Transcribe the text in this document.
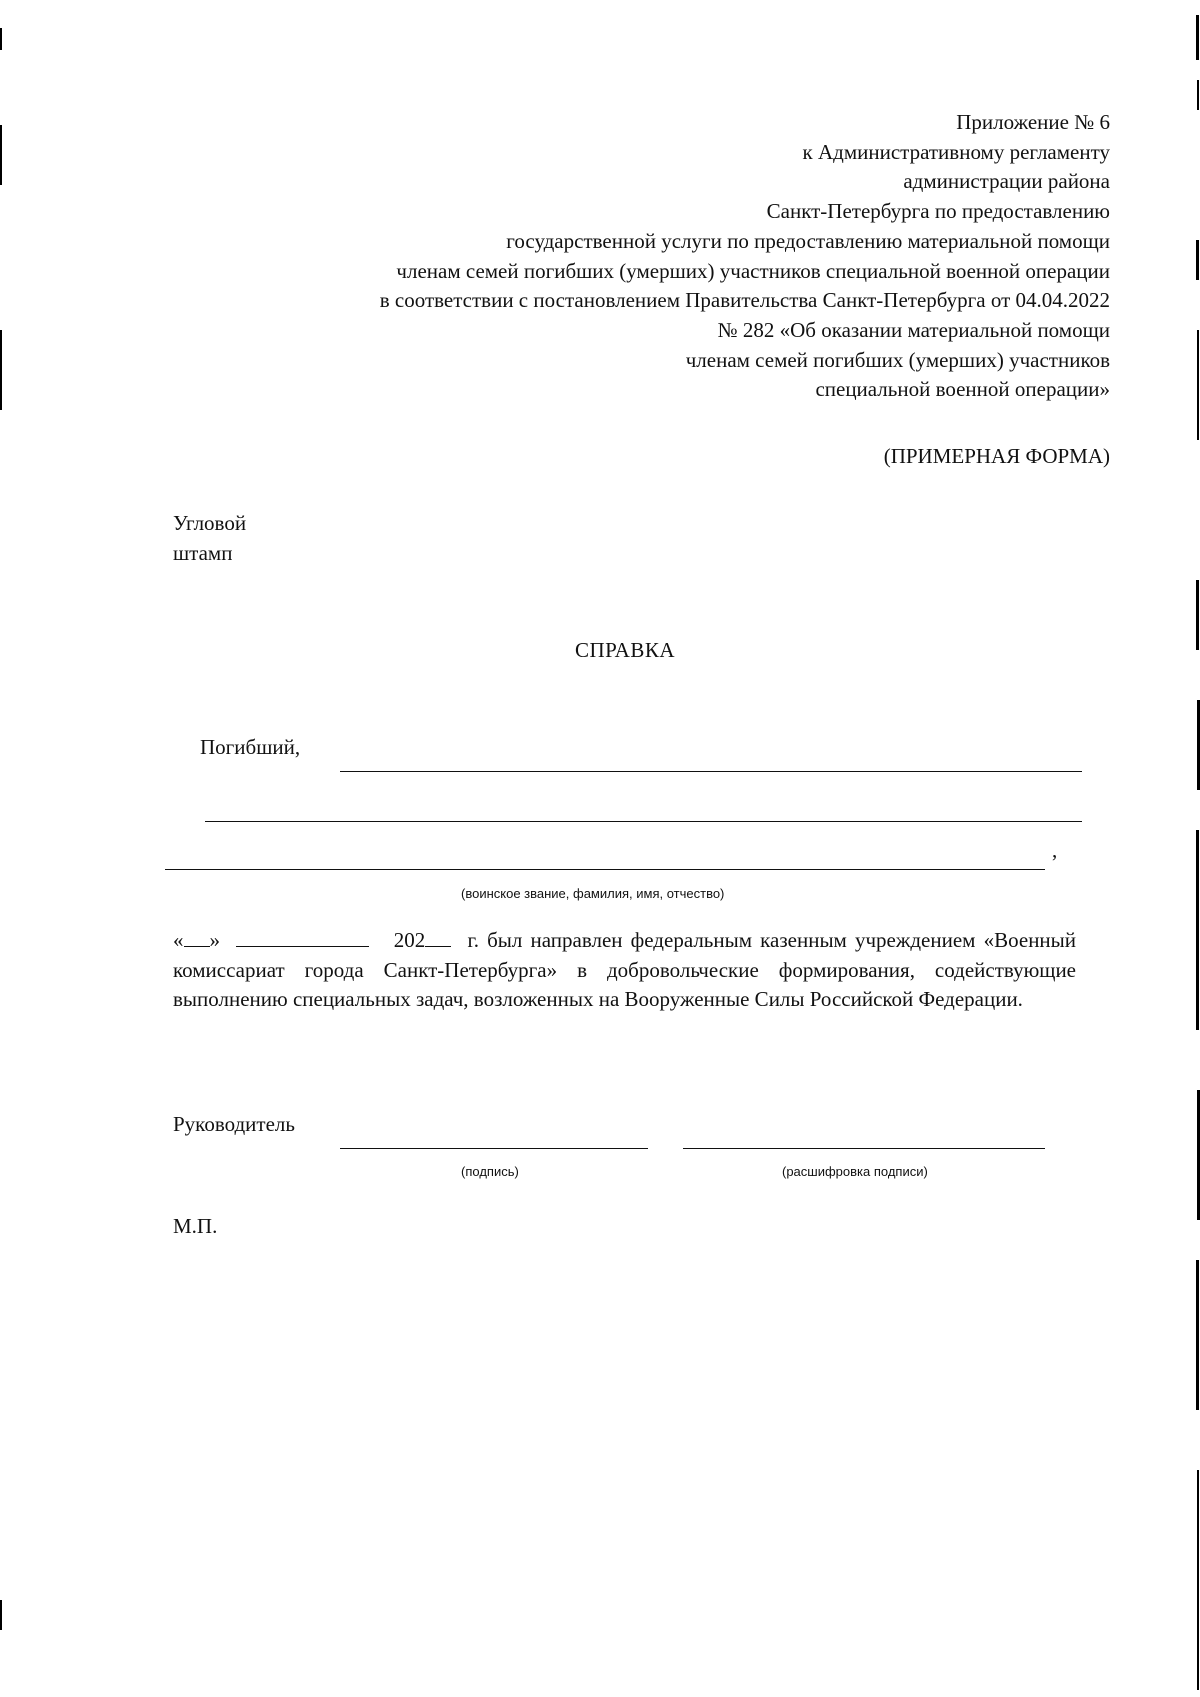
Приложение № 6
к Административному регламенту
администрации района
Санкт-Петербурга по предоставлению
государственной услуги по предоставлению материальной помощи
членам семей погибших (умерших) участников специальной военной операции
в соответствии с постановлением Правительства Санкт-Петербурга от 04.04.2022
№ 282 «Об оказании материальной помощи
членам семей погибших (умерших) участников
специальной военной операции»
(ПРИМЕРНАЯ ФОРМА)
Угловой
штамп
СПРАВКА
Погибший,
,
(воинское звание, фамилия, имя, отчество)
« »	202 г. был направлен федеральным казенным учреждением «Военный комиссариат города Санкт-Петербурга» в добровольческие формирования, содействующие выполнению специальных задач, возложенных на Вооруженные Силы Российской Федерации.
Руководитель
(подпись)	(расшифровка подписи)
М.П.
